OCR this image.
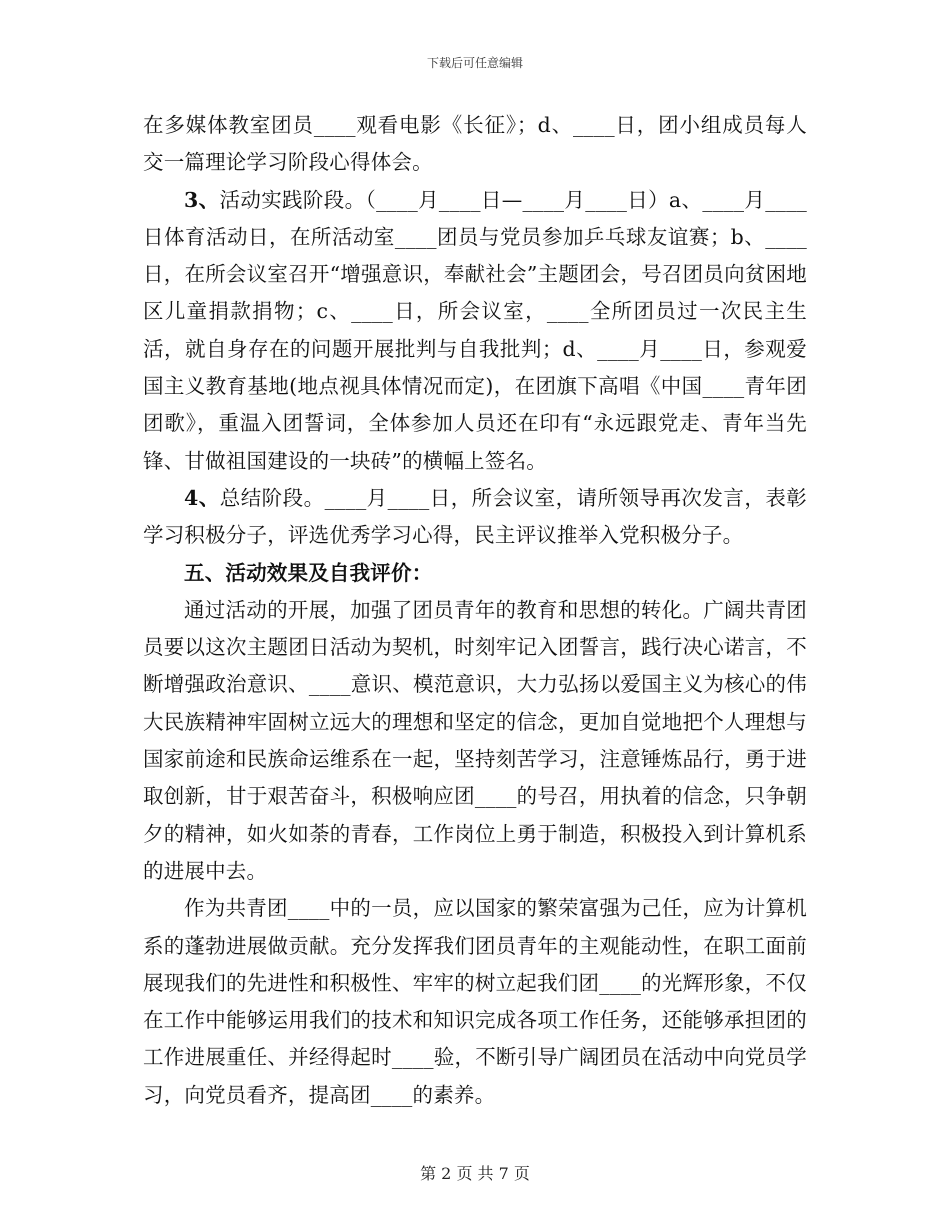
下载后可任意编辑

在多媒体教室团员____观看电影《长征》；d、____日，团小组成员每人交一篇理论学习阶段心得体会。

3、活动实践阶段。（____月____日—____月____日）a、____月____日体育活动日，在所活动室____团员与党员参加乒乓球友谊赛；b、____日，在所会议室召开“增强意识，奉献社会”主题团会，号召团员向贫困地区儿童捐款捐物；c、____日，所会议室，____全所团员过一次民主生活，就自身存在的问题开展批判与自我批判；d、____月____日，参观爱国主义教育基地(地点视具体情况而定)，在团旗下高唱《中国____青年团团歌》，重温入团誓词，全体参加人员还在印有“永远跟党走、青年当先锋、甘做祖国建设的一块砖”的横幅上签名。

4、总结阶段。____月____日，所会议室，请所领导再次发言，表彰学习积极分子，评选优秀学习心得，民主评议推举入党积极分子。

五、活动效果及自我评价：

通过活动的开展，加强了团员青年的教育和思想的转化。广阔共青团员要以这次主题团日活动为契机，时刻牢记入团誓言，践行决心诺言，不断增强政治意识、____意识、模范意识，大力弘扬以爱国主义为核心的伟大民族精神牢固树立远大的理想和坚定的信念，更加自觉地把个人理想与国家前途和民族命运维系在一起，坚持刻苦学习，注意锤炼品行，勇于进取创新，甘于艰苦奋斗，积极响应团____的号召，用执着的信念，只争朝夕的精神，如火如荼的青春，工作岗位上勇于制造，积极投入到计算机系的进展中去。

作为共青团____中的一员，应以国家的繁荣富强为己任，应为计算机系的蓬勃进展做贡献。充分发挥我们团员青年的主观能动性，在职工面前展现我们的先进性和积极性、牢牢的树立起我们团____的光辉形象，不仅在工作中能够运用我们的技术和知识完成各项工作任务，还能够承担团的工作进展重任、并经得起时____验，不断引导广阔团员在活动中向党员学习，向党员看齐，提高团____的素养。

第 2 页 共 7 页
